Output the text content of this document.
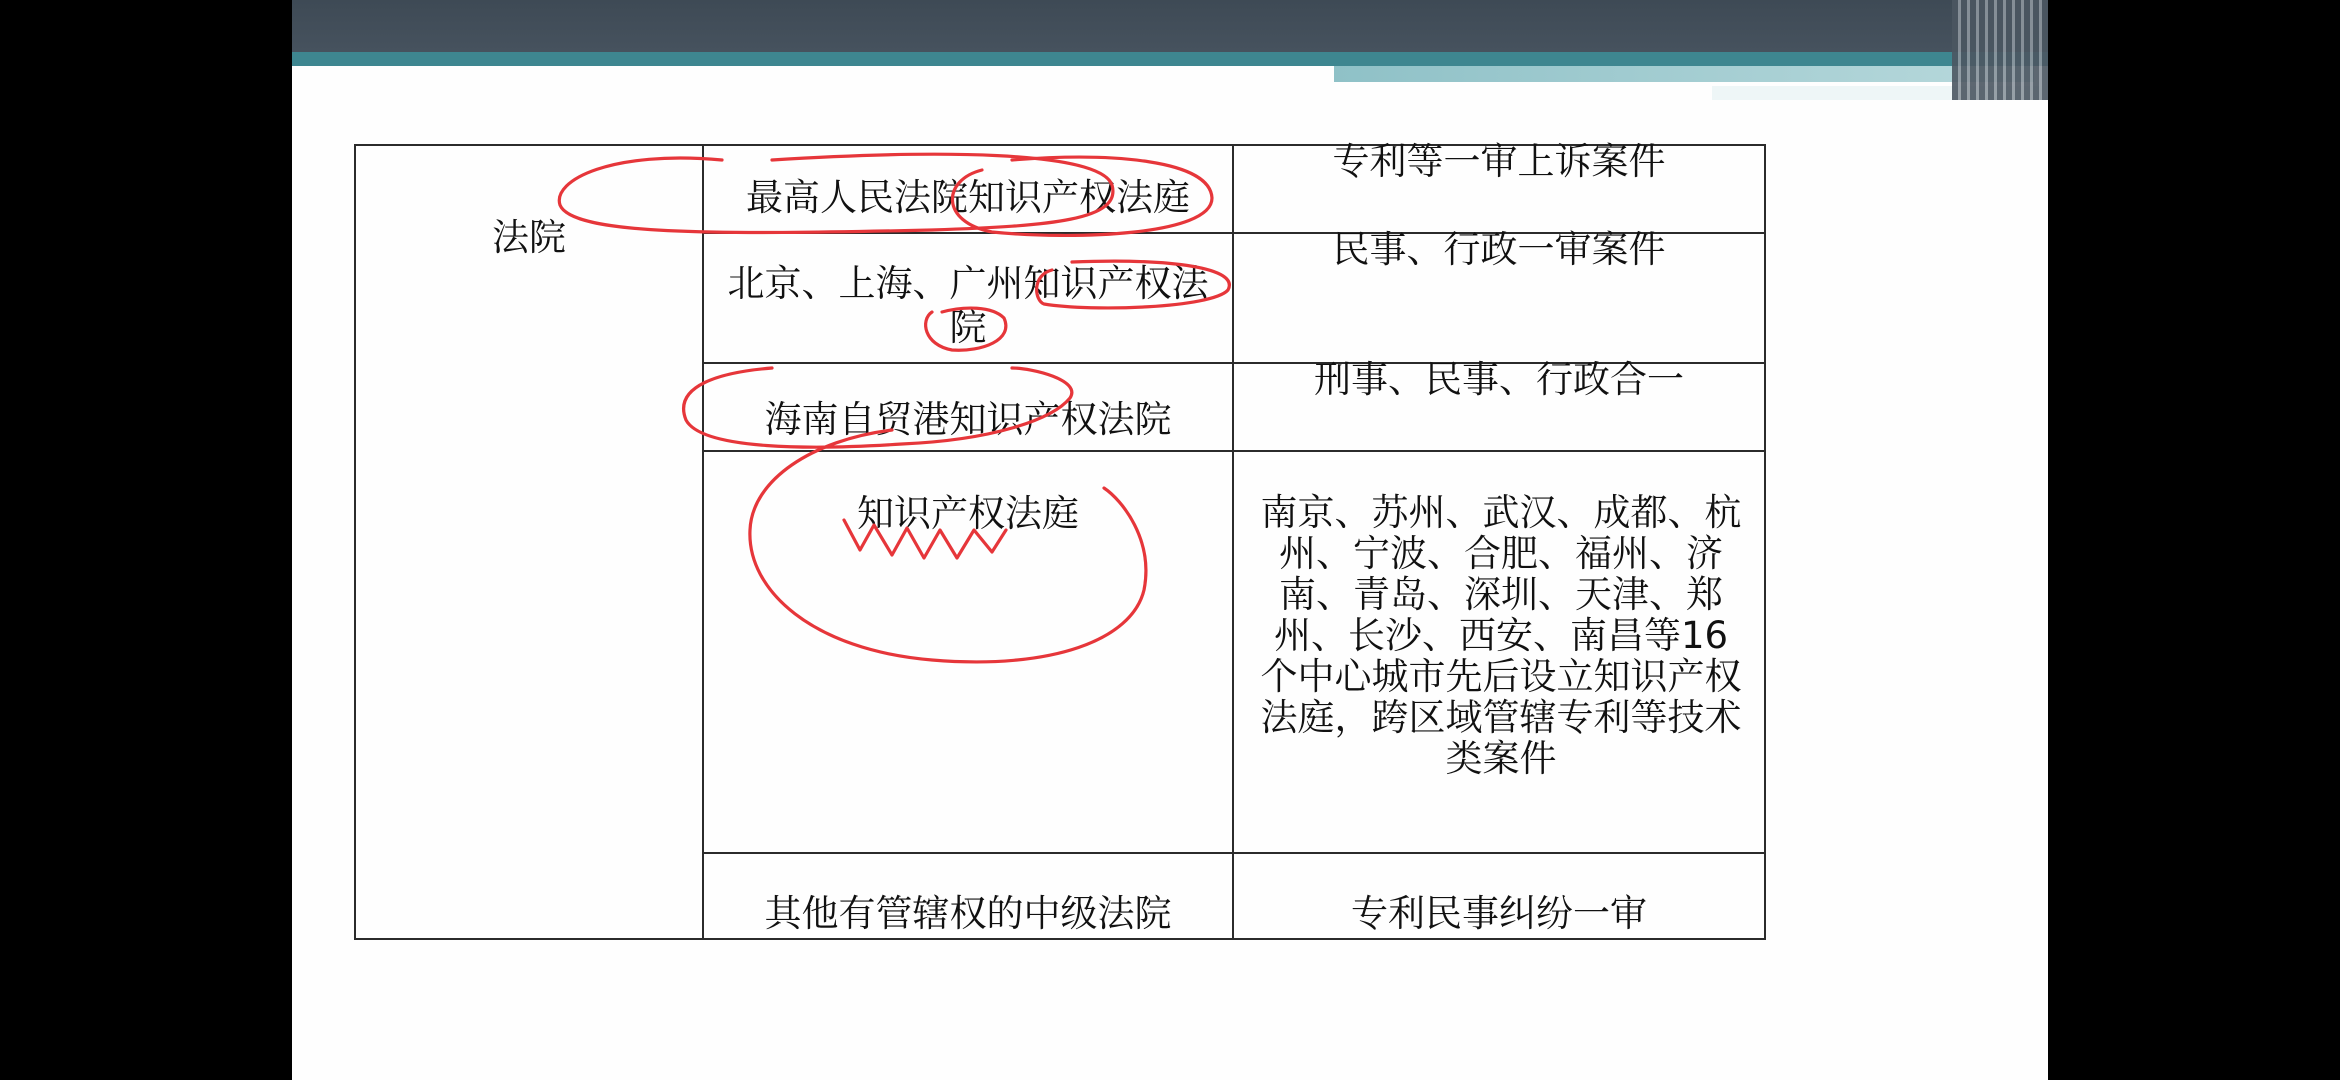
法院	最高人民法院知识产权法庭	专利等一审上诉案件

	北京、上海、广州知识产权法院	民事、行政一审案件

	海南自贸港知识产权法院	刑事、民事、行政合一

	知识产权法庭	南京、苏州、武汉、成都、杭州、宁波、合肥、福州、济南、青岛、深圳、天津、郑州、长沙、西安、南昌等16个中心城市先后设立知识产权法庭，跨区域管辖专利等技术类案件

	其他有管辖权的中级法院	专利民事纠纷一审
